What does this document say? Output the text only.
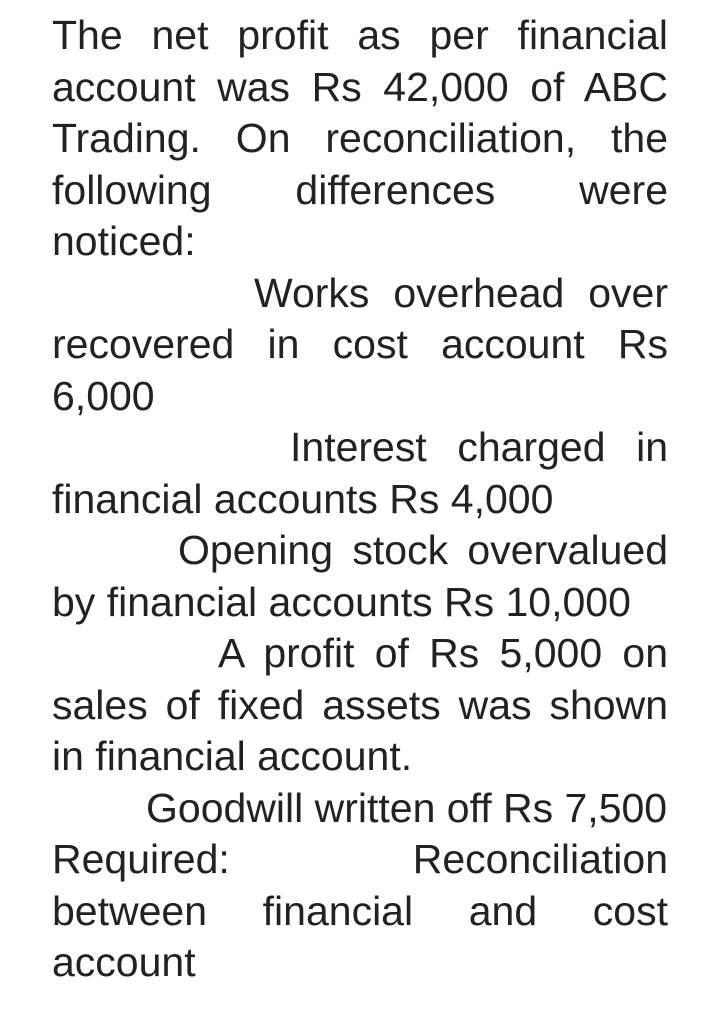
The net profit as per financial account was Rs 42,000 of ABC Trading. On reconciliation, the following differences were noticed:

Works overhead over recovered in cost account Rs 6,000

Interest charged in financial accounts Rs 4,000

Opening stock overvalued by financial accounts Rs 10,000

A profit of Rs 5,000 on sales of fixed assets was shown in financial account.

Goodwill written off Rs 7,500

Required:	Reconciliation
between financial and cost

account
